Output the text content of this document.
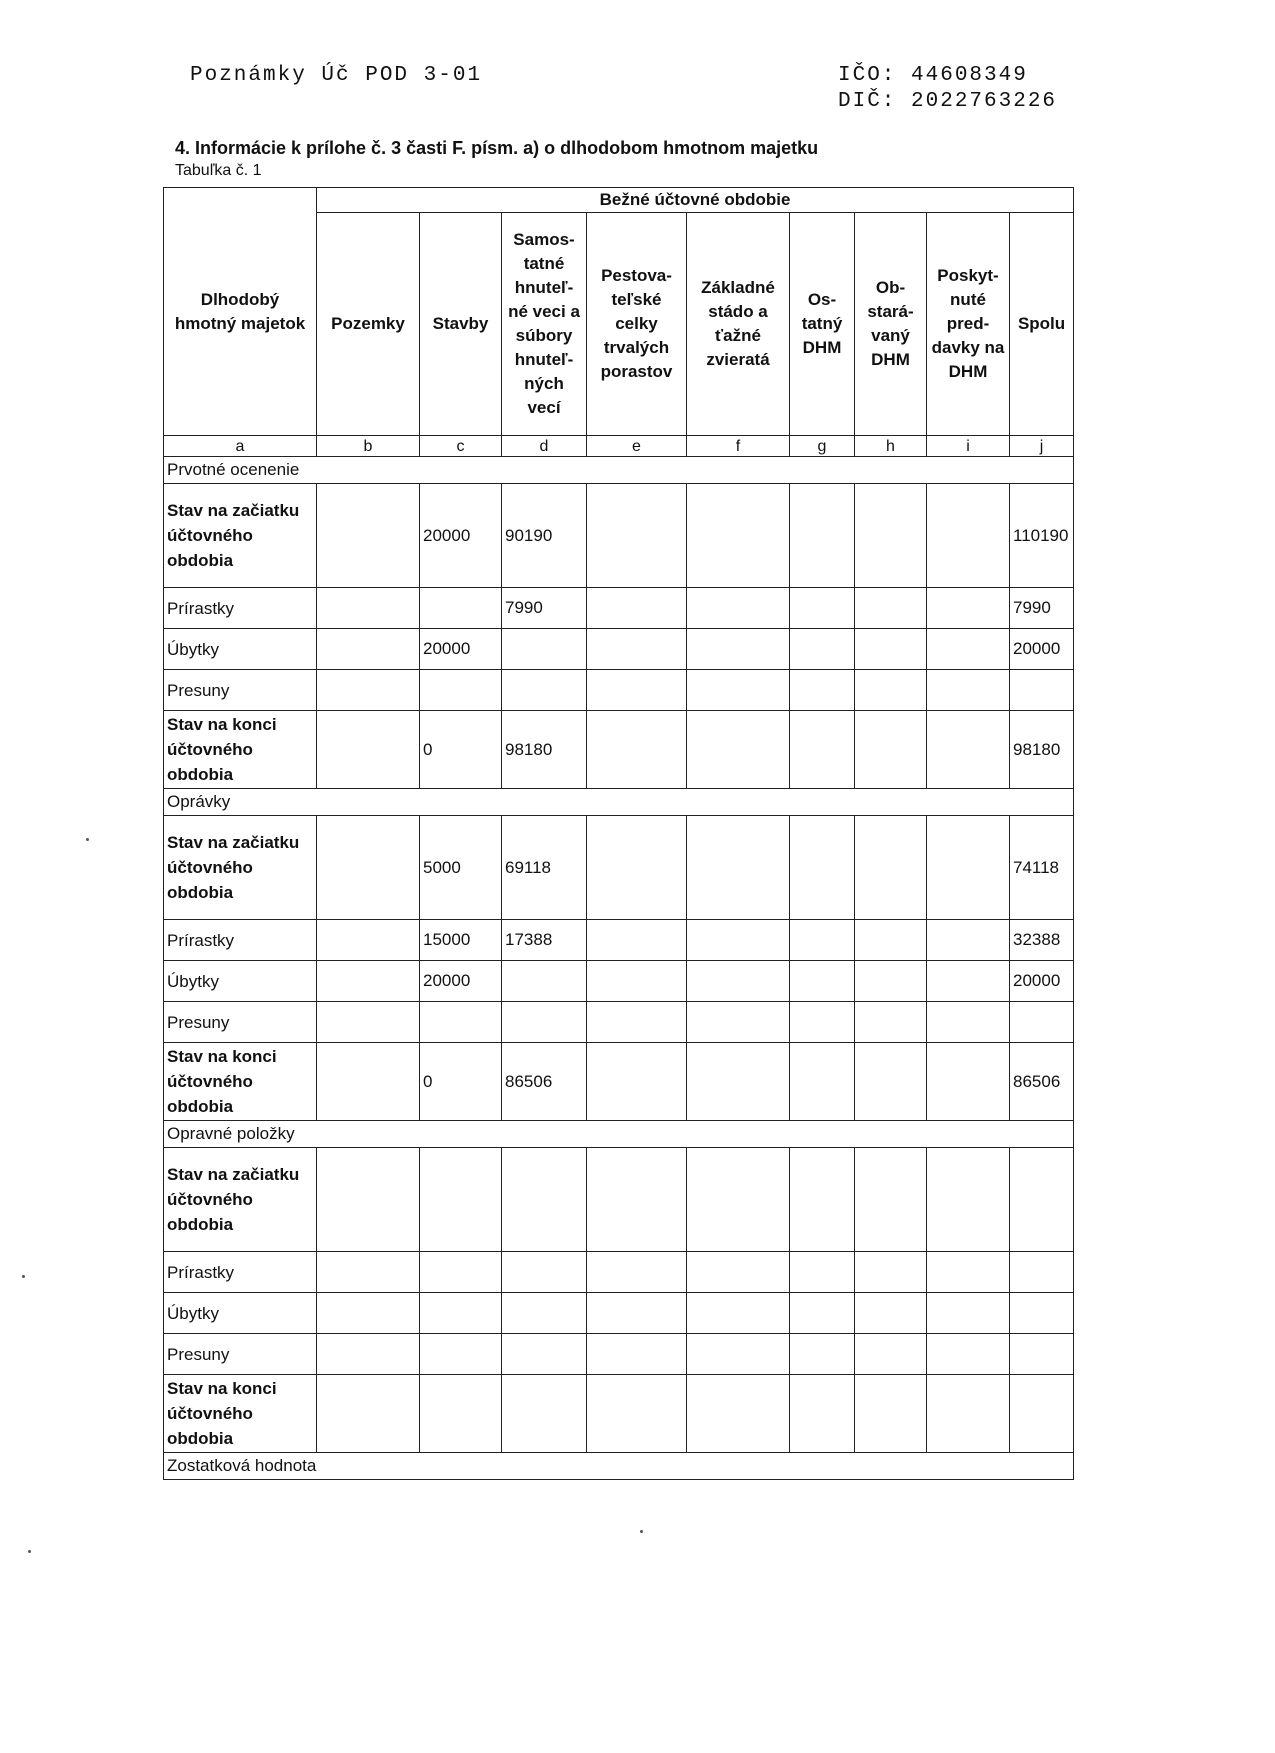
Poznámky Úč POD 3-01	IČO: 44608349
DIČ: 2022763226
4. Informácie k prílohe č. 3 časti F. písm. a) o dlhodobom hmotnom majetku
Tabuľka č. 1
Dlhodobý hmotný majetok	Bežné účtovné obdobie								
	Pozemky	Stavby	Samos-tatné hnuteľ-né veci a súbory hnuteľ-ných vecí	Pestova-teľské celky trvalých porastov	Základné stádo a ťažné zvieratá	Os-tatný DHM	Ob-stará-vaný DHM	Poskyt-nuté pred-davky na DHM	Spolu
a	b	c	d	e	f	g	h	i	j
Prvotné ocenenie									
Stav na začiatku účtovného obdobia		20000	90190						110190
Prírastky			7990						7990
Úbytky		20000							20000
Presuny									
Stav na konci účtovného obdobia		0	98180						98180
Oprávky									
Stav na začiatku účtovného obdobia		5000	69118						74118
Prírastky		15000	17388						32388
Úbytky		20000							20000
Presuny									
Stav na konci účtovného obdobia		0	86506						86506
Opravné položky									
Stav na začiatku účtovného obdobia									
Prírastky									
Úbytky									
Presuny									
Stav na konci účtovného obdobia									
Zostatková hodnota									
